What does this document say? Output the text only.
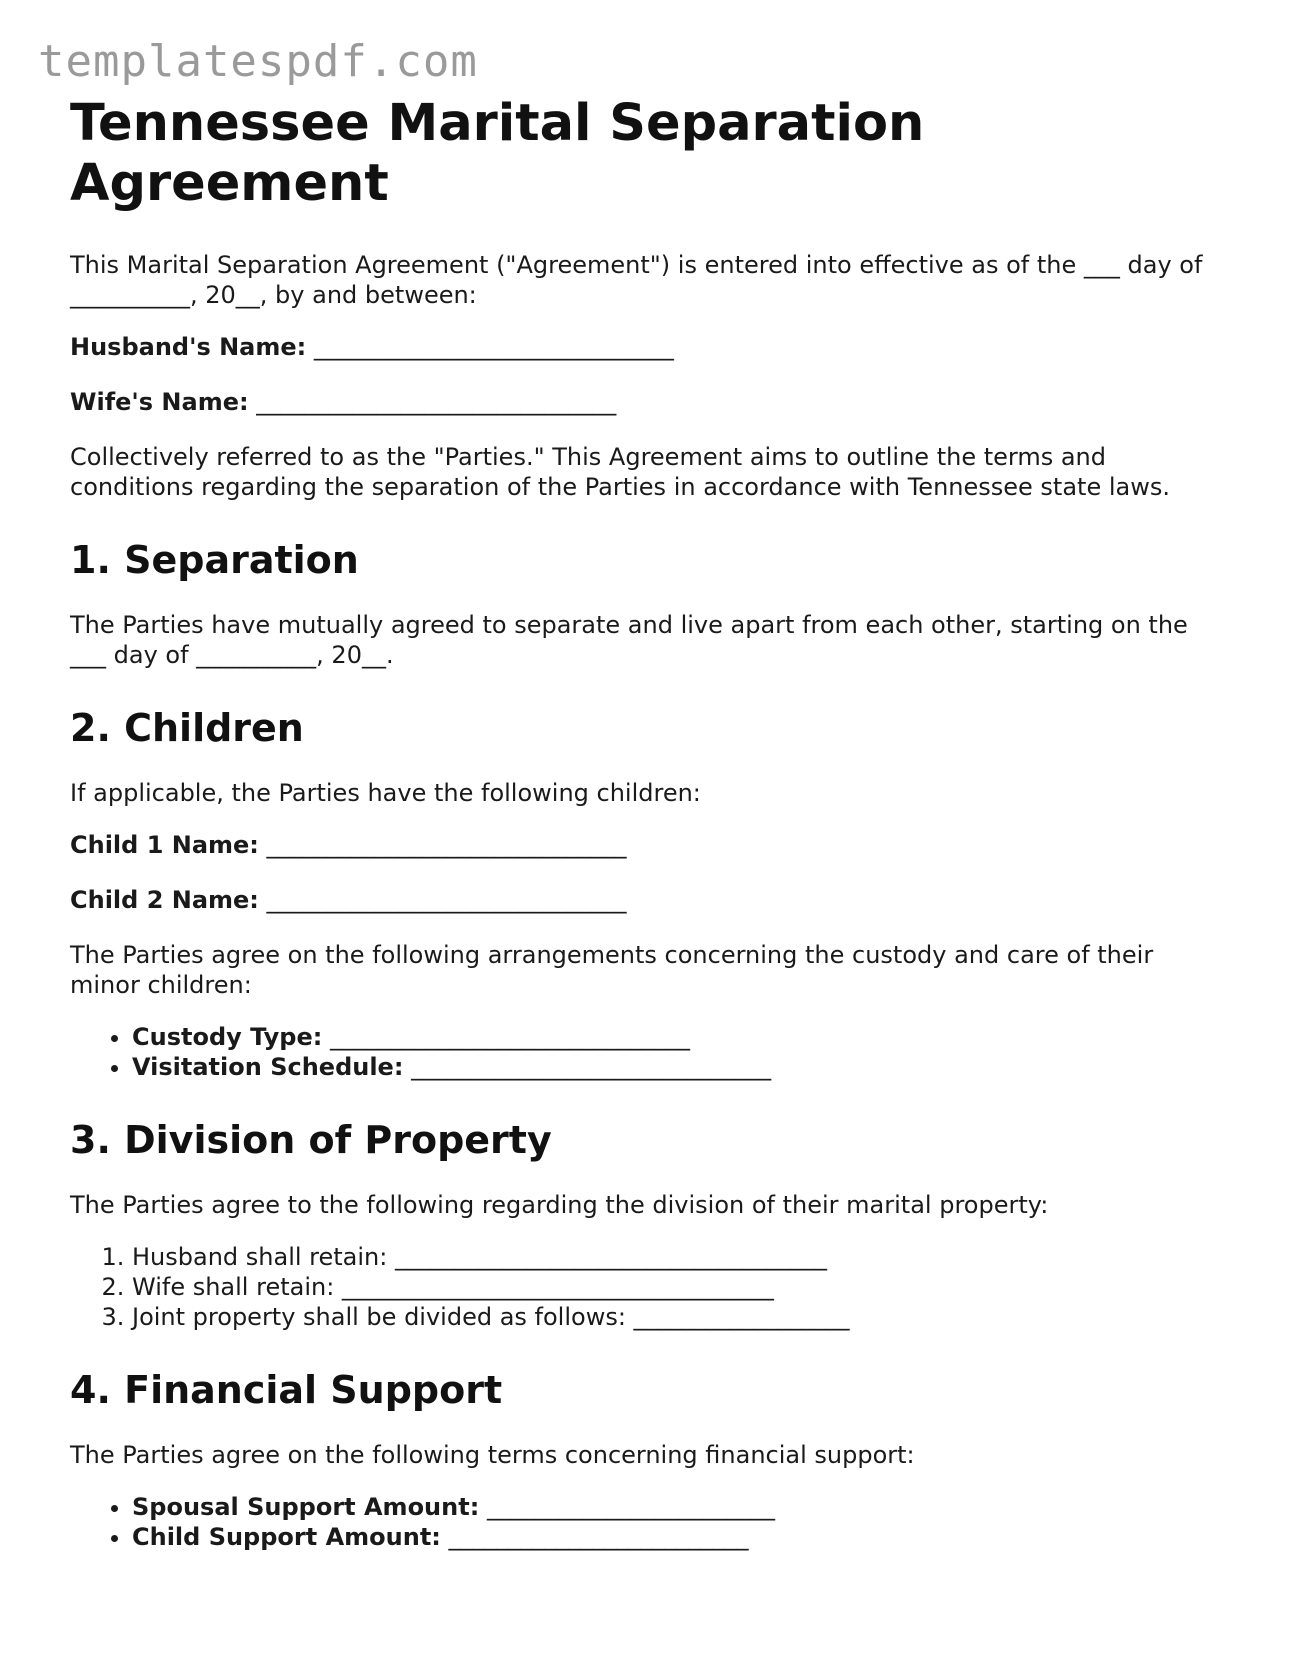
templatespdf.com
Tennessee Marital Separation Agreement

This Marital Separation Agreement ("Agreement") is entered into effective as of the ___ day of __________, 20__, by and between:

Husband's Name: ______________________________
Wife's Name: ______________________________

Collectively referred to as the "Parties." This Agreement aims to outline the terms and conditions regarding the separation of the Parties in accordance with Tennessee state laws.

1. Separation

The Parties have mutually agreed to separate and live apart from each other, starting on the ___ day of __________, 20__.

2. Children

If applicable, the Parties have the following children:

Child 1 Name: ______________________________
Child 2 Name: ______________________________

The Parties agree on the following arrangements concerning the custody and care of their minor children:

• Custody Type: ______________________________
• Visitation Schedule: ______________________________
3. Division of Property

The Parties agree to the following regarding the division of their marital property:

1. Husband shall retain: ____________________________________
2. Wife shall retain: ____________________________________
3. Joint property shall be divided as follows: __________________
4. Financial Support

The Parties agree on the following terms concerning financial support:

• Spousal Support Amount: ________________________
• Child Support Amount: _________________________
